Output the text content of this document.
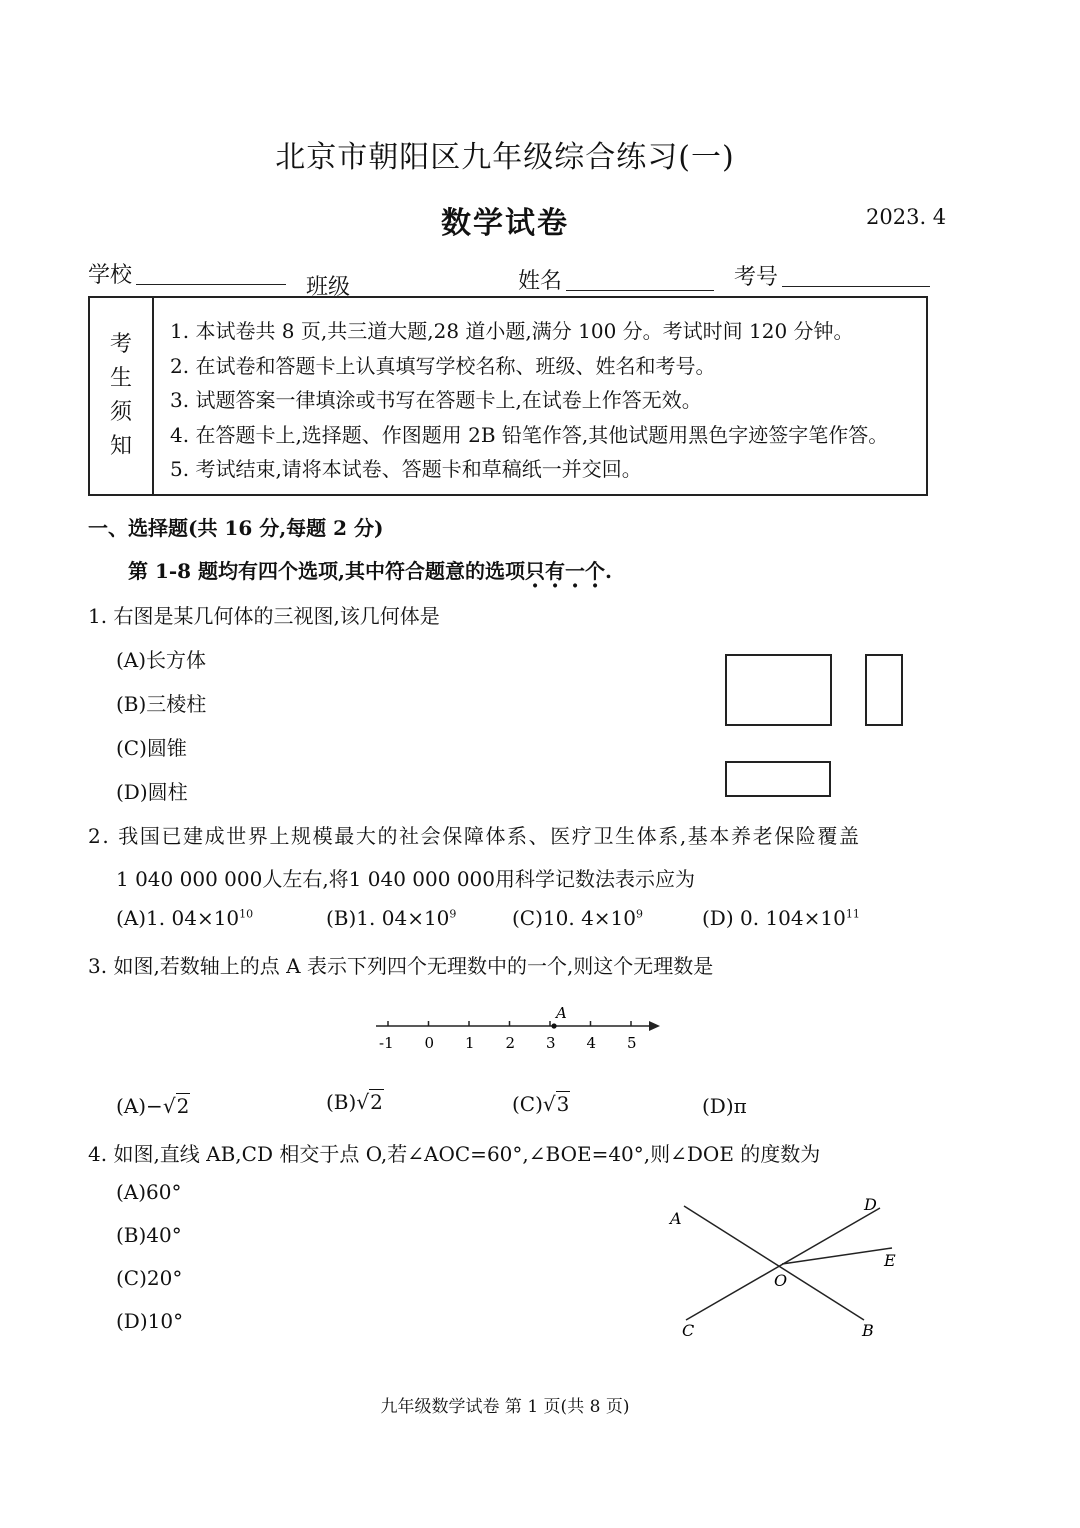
北京市朝阳区九年级综合练习(一)
数学试卷	2023. 4
学校	班级	姓名	考号
考
生
须
知
1. 本试卷共 8 页,共三道大题,28 道小题,满分 100 分。考试时间 120 分钟。
2. 在试卷和答题卡上认真填写学校名称、班级、姓名和考号。
3. 试题答案一律填涂或书写在答题卡上,在试卷上作答无效。
4. 在答题卡上,选择题、作图题用 2B 铅笔作答,其他试题用黑色字迹签字笔作答。
5. 考试结束,请将本试卷、答题卡和草稿纸一并交回。
一、选择题(共 16 分,每题 2 分)
第 1-8 题均有四个选项,其中符合题意的选项只有一个.
1. 右图是某几何体的三视图,该几何体是
(A)长方体
(B)三棱柱
(C)圆锥
(D)圆柱
2. 我国已建成世界上规模最大的社会保障体系、医疗卫生体系,基本养老保险覆盖
1 040 000 000人左右,将1 040 000 000用科学记数法表示应为
(A)1. $04\times 10^{10}$	(B)1. $04\times 10^9$	(C)10. $4\times 10^9$	(D) 0. $104\times 10^{11}$
3. 如图,若数轴上的点 A 表示下列四个无理数中的一个,则这个无理数是
-1 0 1 2 3 4 5
A
(A)−√2	(B)√2	(C)√3	(D)π
4. 如图,直线 AB,CD 相交于点 O,若∠AOC=60°,∠BOE=40°,则∠DOE 的度数为
(A)60°
(B)40°
(C)20°
(D)10°
A
D
E
O
C	B
九年级数学试卷 第 1 页(共 8 页)
